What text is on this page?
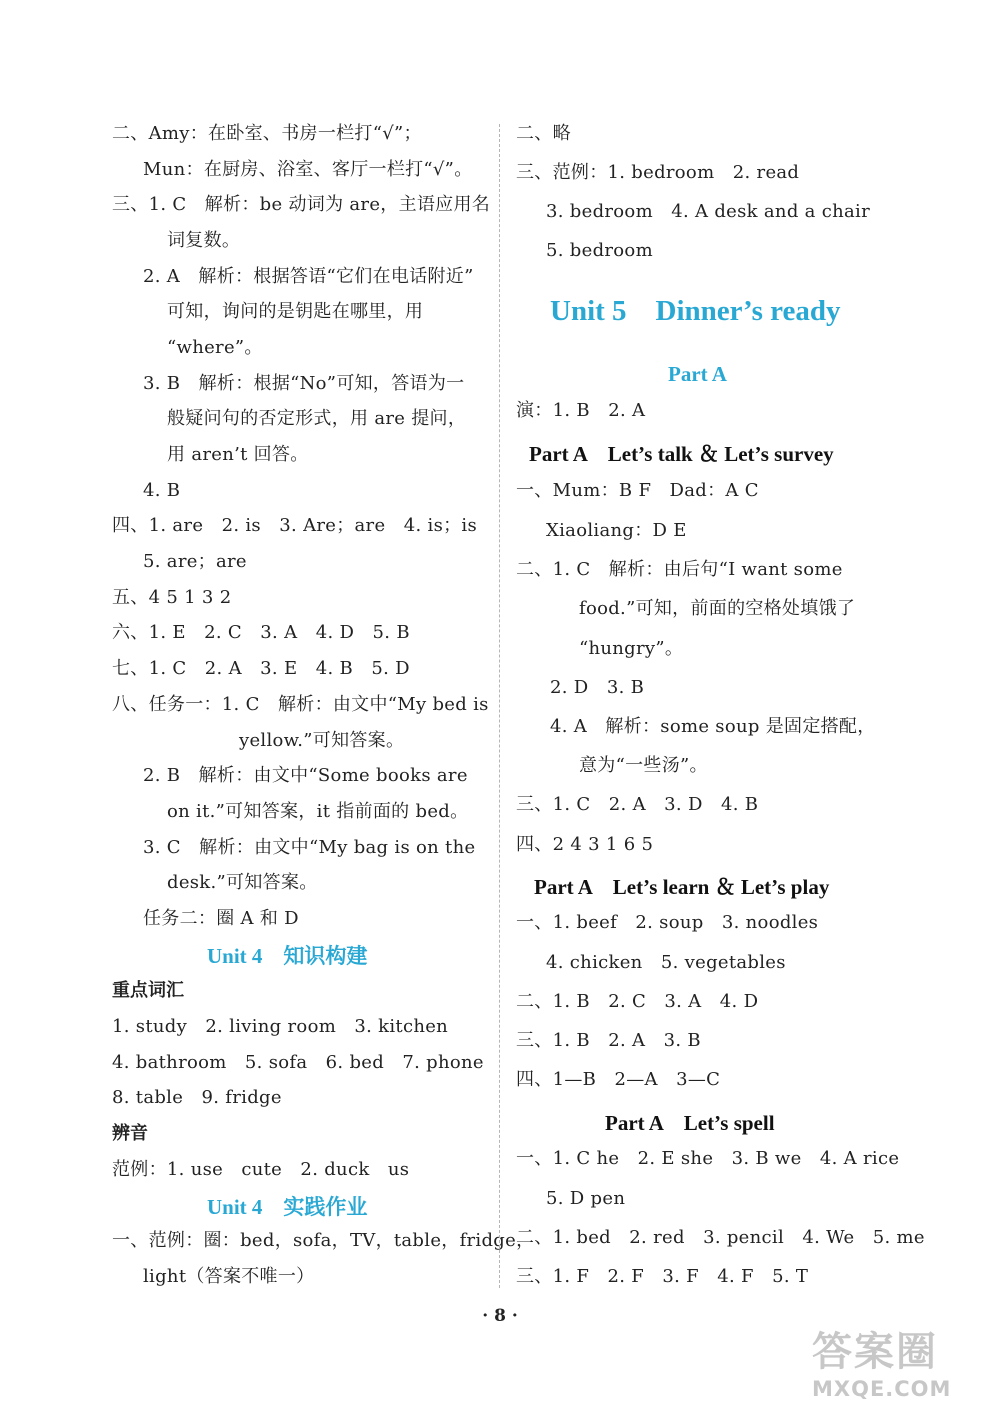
二、Amy：在卧室、书房一栏打“√”；
Mun：在厨房、浴室、客厅一栏打“√”。
三、1. C　解析：be 动词为 are，主语应用名
词复数。
2. A　解析：根据答语“它们在电话附近”
可知，询问的是钥匙在哪里，用
“where”。
3. B　解析：根据“No”可知，答语为一
般疑问句的否定形式，用 are 提问，
用 aren’t 回答。
4. B
四、1. are　2. is　3. Are；are　4. is；is
5. are；are
五、4 5 1 3 2
六、1. E　2. C　3. A　4. D　5. B
七、1. C　2. A　3. E　4. B　5. D
八、任务一：1. C　解析：由文中“My bed is
yellow.”可知答案。
2. B　解析：由文中“Some books are
on it.”可知答案，it 指前面的 bed。
3. C　解析：由文中“My bag is on the
desk.”可知答案。
任务二：圈 A 和 D
Unit 4　知识构建
重点词汇
1. study　2. living room　3. kitchen
4. bathroom　5. sofa　6. bed　7. phone
8. table　9. fridge
辨音
范例：1. use　cute　2. duck　us
Unit 4　实践作业
一、范例：圈：bed，sofa，TV，table，fridge，
light（答案不唯一）
二、略
三、范例：1. bedroom　2. read
3. bedroom　4. A desk and a chair
5. bedroom
Unit 5　Dinner’s ready
Part A
演：1. B　2. A
Part A　Let’s talk ＆ Let’s survey
一、Mum：B F　Dad：A C
Xiaoliang：D E
二、1. C　解析：由后句“I want some
food.”可知，前面的空格处填饿了
“hungry”。
2. D　3. B
4. A　解析：some soup 是固定搭配，
意为“一些汤”。
三、1. C　2. A　3. D　4. B
四、2 4 3 1 6 5
Part A　Let’s learn ＆ Let’s play
一、1. beef　2. soup　3. noodles
4. chicken　5. vegetables
二、1. B　2. C　3. A　4. D
三、1. B　2. A　3. B
四、1—B　2—A　3—C
Part A　Let’s spell
一、1. C he　2. E she　3. B we　4. A rice
5. D pen
二、1. bed　2. red　3. pencil　4. We　5. me
三、1. F　2. F　3. F　4. F　5. T
· 8 ·
答案圈
MXQE.COM
